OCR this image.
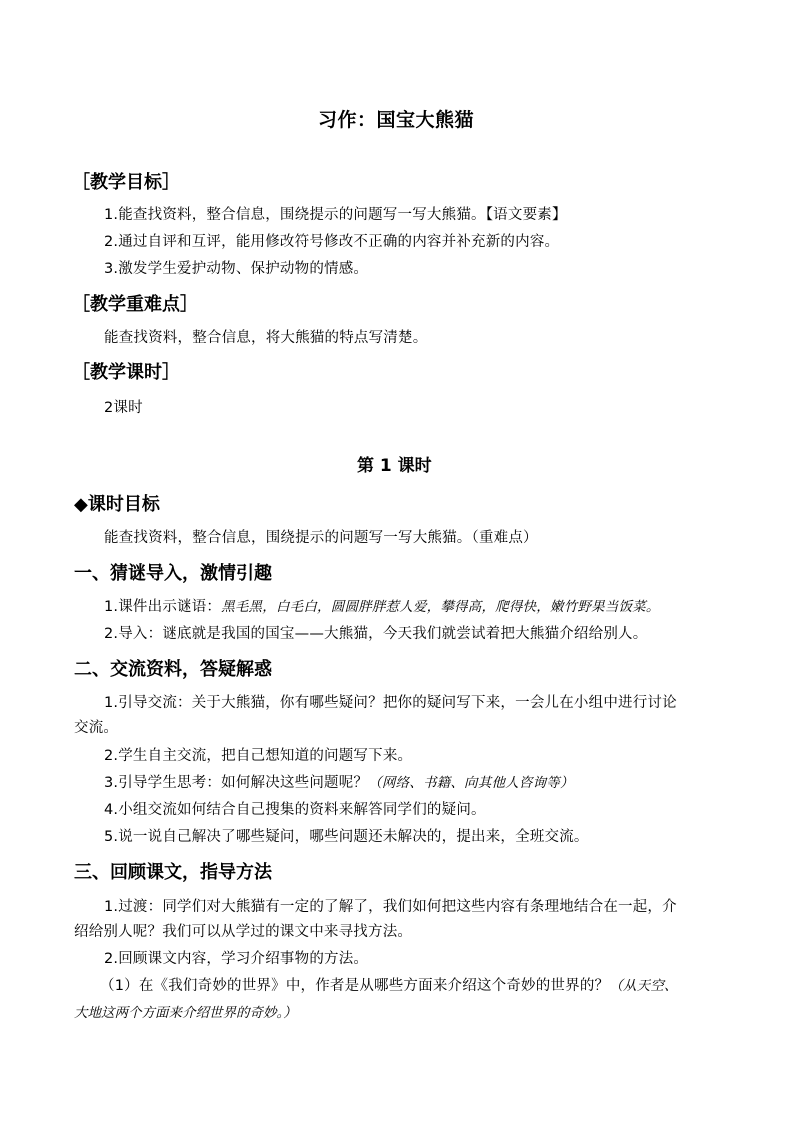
习作：国宝大熊猫
［教学目标］
1.能查找资料，整合信息，围绕提示的问题写一写大熊猫。【语文要素】
2.通过自评和互评，能用修改符号修改不正确的内容并补充新的内容。
3.激发学生爱护动物、保护动物的情感。
［教学重难点］
能查找资料，整合信息，将大熊猫的特点写清楚。
［教学课时］
2课时
第 1 课时
◆课时目标
能查找资料，整合信息，围绕提示的问题写一写大熊猫。（重难点）
一、猜谜导入，激情引趣
1.课件出示谜语：黑毛黑，白毛白，圆圆胖胖惹人爱，攀得高，爬得快，嫩竹野果当饭菜。
2.导入：谜底就是我国的国宝——大熊猫，今天我们就尝试着把大熊猫介绍给别人。
二、交流资料，答疑解惑
1.引导交流：关于大熊猫，你有哪些疑问？把你的疑问写下来，一会儿在小组中进行讨论
交流。
2.学生自主交流，把自己想知道的问题写下来。
3.引导学生思考：如何解决这些问题呢？（网络、书籍、向其他人咨询等）
4.小组交流如何结合自己搜集的资料来解答同学们的疑问。
5.说一说自己解决了哪些疑问，哪些问题还未解决的，提出来，全班交流。
三、回顾课文，指导方法
1.过渡：同学们对大熊猫有一定的了解了，我们如何把这些内容有条理地结合在一起，介
绍给别人呢？我们可以从学过的课文中来寻找方法。
2.回顾课文内容，学习介绍事物的方法。
（1）在《我们奇妙的世界》中，作者是从哪些方面来介绍这个奇妙的世界的？（从天空、
大地这两个方面来介绍世界的奇妙。）
